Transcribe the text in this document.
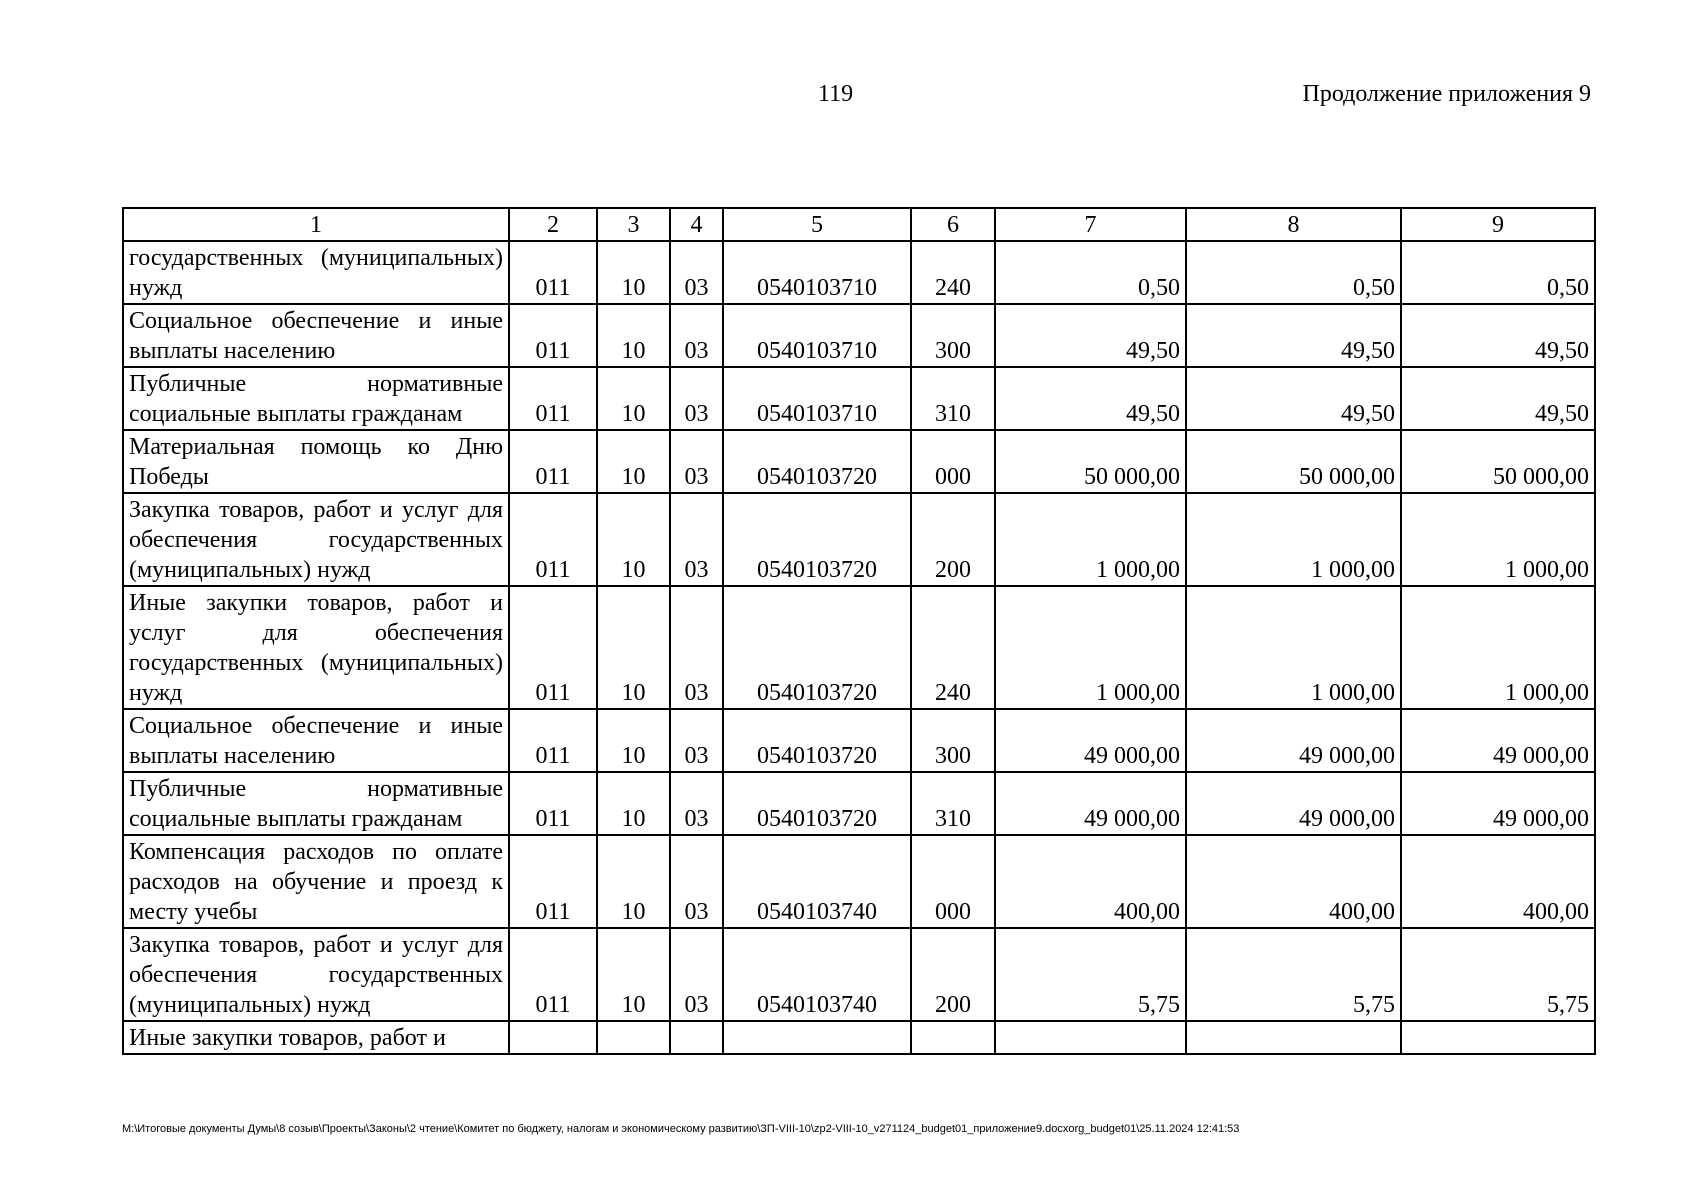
119	Продолжение приложения 9
1	2	3	4	5	6	7	8	9
государственных (муниципальных) нужд	011	10	03	0540103710	240	0,50	0,50	0,50
Социальное обеспечение и иные выплаты населению	011	10	03	0540103710	300	49,50	49,50	49,50
Публичные нормативные социальные выплаты гражданам	011	10	03	0540103710	310	49,50	49,50	49,50
Материальная помощь ко Дню Победы	011	10	03	0540103720	000	50 000,00	50 000,00	50 000,00
Закупка товаров, работ и услуг для обеспечения государственных (муниципальных) нужд	011	10	03	0540103720	200	1 000,00	1 000,00	1 000,00
Иные закупки товаров, работ и услуг для обеспечения государственных (муниципальных) нужд	011	10	03	0540103720	240	1 000,00	1 000,00	1 000,00
Социальное обеспечение и иные выплаты населению	011	10	03	0540103720	300	49 000,00	49 000,00	49 000,00
Публичные нормативные социальные выплаты гражданам	011	10	03	0540103720	310	49 000,00	49 000,00	49 000,00
Компенсация расходов по оплате расходов на обучение и проезд к месту учебы	011	10	03	0540103740	000	400,00	400,00	400,00
Закупка товаров, работ и услуг для обеспечения государственных (муниципальных) нужд	011	10	03	0540103740	200	5,75	5,75	5,75
Иные закупки товаров, работ и								
M:\Итоговые документы Думы\8 созыв\Проекты\Законы\2 чтение\Комитет по бюджету, налогам и экономическому развитию\ЗП-VIII-10\zp2-VIII-10_v271124_budget01_приложение9.docxorg_budget01\25.11.2024 12:41:53
